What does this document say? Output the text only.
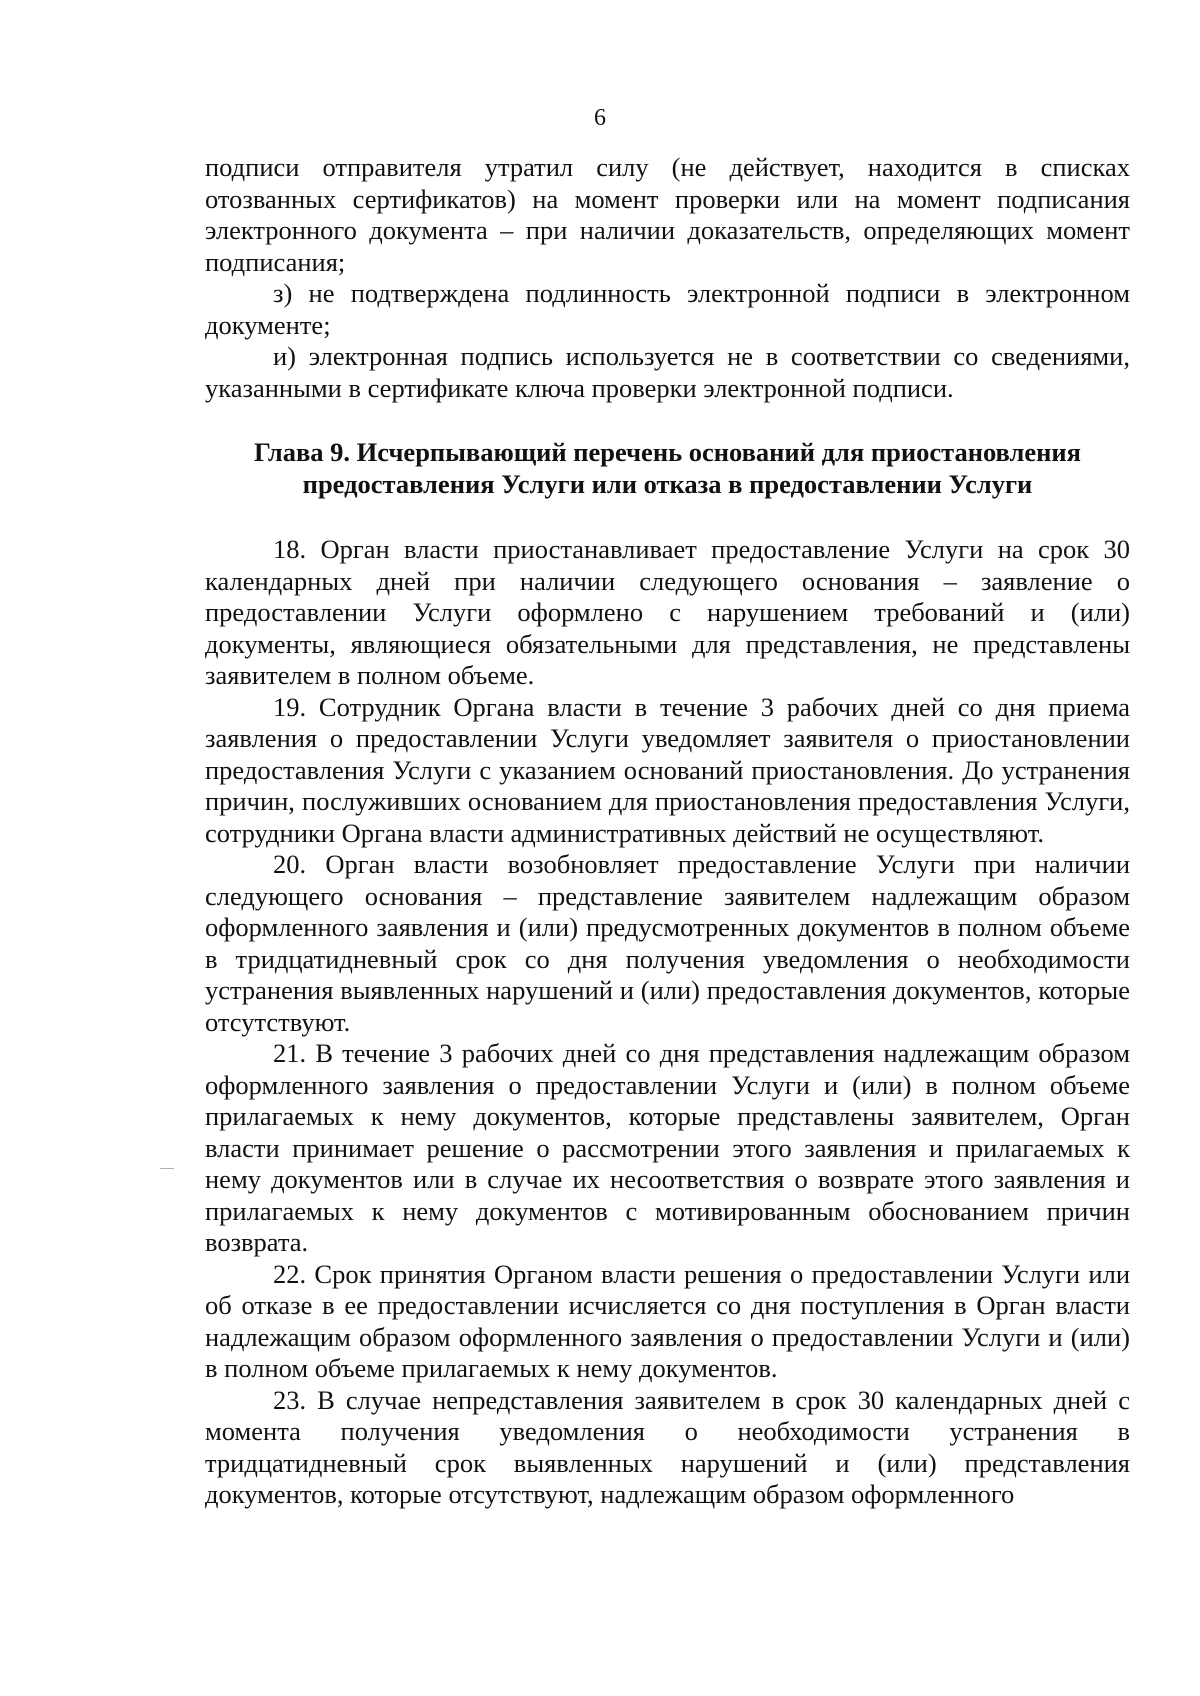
6

подписи отправителя утратил силу (не действует, находится в списках отозванных сертификатов) на момент проверки или на момент подписания электронного документа – при наличии доказательств, определяющих момент подписания;

з) не подтверждена подлинность электронной подписи в электронном документе;

и) электронная подпись используется не в соответствии со сведениями, указанными в сертификате ключа проверки электронной подписи.

Глава 9. Исчерпывающий перечень оснований для приостановления предоставления Услуги или отказа в предоставлении Услуги

18. Орган власти приостанавливает предоставление Услуги на срок 30 календарных дней при наличии следующего основания – заявление о предоставлении Услуги оформлено с нарушением требований и (или) документы, являющиеся обязательными для представления, не представлены заявителем в полном объеме.

19. Сотрудник Органа власти в течение 3 рабочих дней со дня приема заявления о предоставлении Услуги уведомляет заявителя о приостановлении предоставления Услуги с указанием оснований приостановления. До устранения причин, послуживших основанием для приостановления предоставления Услуги, сотрудники Органа власти административных действий не осуществляют.

20. Орган власти возобновляет предоставление Услуги при наличии следующего основания – представление заявителем надлежащим образом оформленного заявления и (или) предусмотренных документов в полном объеме в тридцатидневный срок со дня получения уведомления о необходимости устранения выявленных нарушений и (или) предоставления документов, которые отсутствуют.

21. В течение 3 рабочих дней со дня представления надлежащим образом оформленного заявления о предоставлении Услуги и (или) в полном объеме прилагаемых к нему документов, которые представлены заявителем, Орган власти принимает решение о рассмотрении этого заявления и прилагаемых к нему документов или в случае их несоответствия о возврате этого заявления и прилагаемых к нему документов с мотивированным обоснованием причин возврата.

22. Срок принятия Органом власти решения о предоставлении Услуги или об отказе в ее предоставлении исчисляется со дня поступления в Орган власти надлежащим образом оформленного заявления о предоставлении Услуги и (или) в полном объеме прилагаемых к нему документов.

23. В случае непредставления заявителем в срок 30 календарных дней с момента получения уведомления о необходимости устранения в тридцатидневный срок выявленных нарушений и (или) представления документов, которые отсутствуют, надлежащим образом оформленного
